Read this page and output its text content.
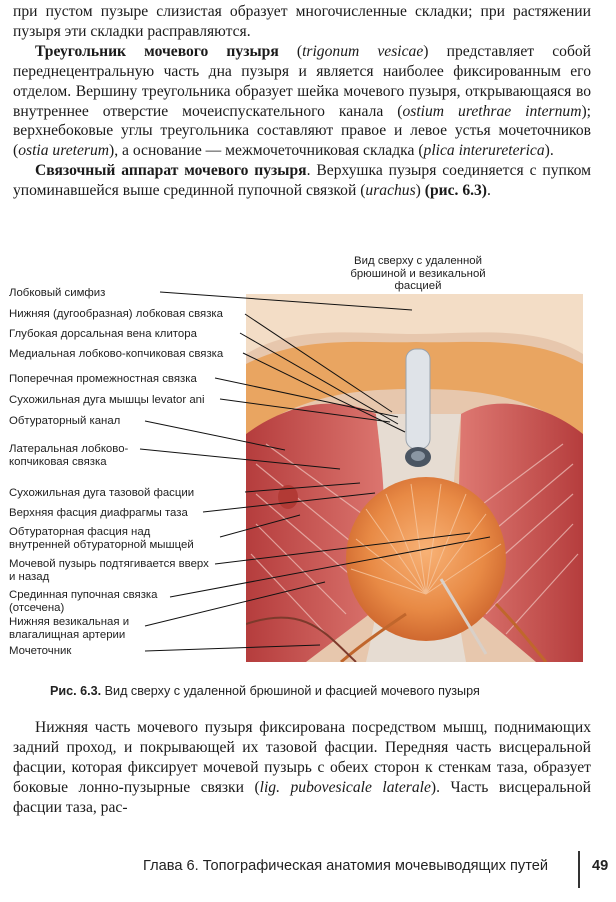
при пустом пузыре слизистая образует многочисленные складки; при растяжении пузыря эти складки расправляются.
Треугольник мочевого пузыря (trigonum vesicae) представляет собой переднецентральную часть дна пузыря и является наиболее фиксированным его отделом. Вершину треугольника образует шейка мочевого пузыря, открывающаяся во внутреннее отверстие мочеиспускательного канала (ostium urethrae internum); верхнебоковые углы треугольника составляют правое и левое устья мочеточников (ostia ureterum), а основание — межмочеточниковая складка (plica interureterica).
Связочный аппарат мочевого пузыря. Верхушка пузыря соединяется с пупком упоминавшейся выше срединной пупочной связкой (urachus) (рис. 6.3).
Вид сверху с удаленной брюшиной и везикальной фасцией
Лобковый симфиз
Нижняя (дугообразная) лобковая связка
Глубокая дорсальная вена клитора
Медиальная лобково-копчиковая связка
Поперечная промежностная связка
Сухожильная дуга мышцы levator ani
Обтураторный канал
Латеральная лобково-копчиковая связка
Сухожильная дуга тазовой фасции
Верхняя фасция диафрагмы таза
Обтураторная фасция над внутренней обтураторной мышцей
Мочевой пузырь подтягивается вверх и назад
Срединная пупочная связка (отсечена)
Нижняя везикальная и влагалищная артерии
Мочеточник
Рис. 6.3. Вид сверху с удаленной брюшиной и фасцией мочевого пузыря
Нижняя часть мочевого пузыря фиксирована посредством мышц, поднимающих задний проход, и покрывающей их тазовой фасции. Передняя часть висцеральной фасции, которая фиксирует мочевой пузырь с обеих сторон к стенкам таза, образует боковые лонно-пузырные связки (lig. pubovesicale laterale). Часть висцеральной фасции таза, рас-
Глава 6. Топографическая анатомия мочевыводящих путей	49
